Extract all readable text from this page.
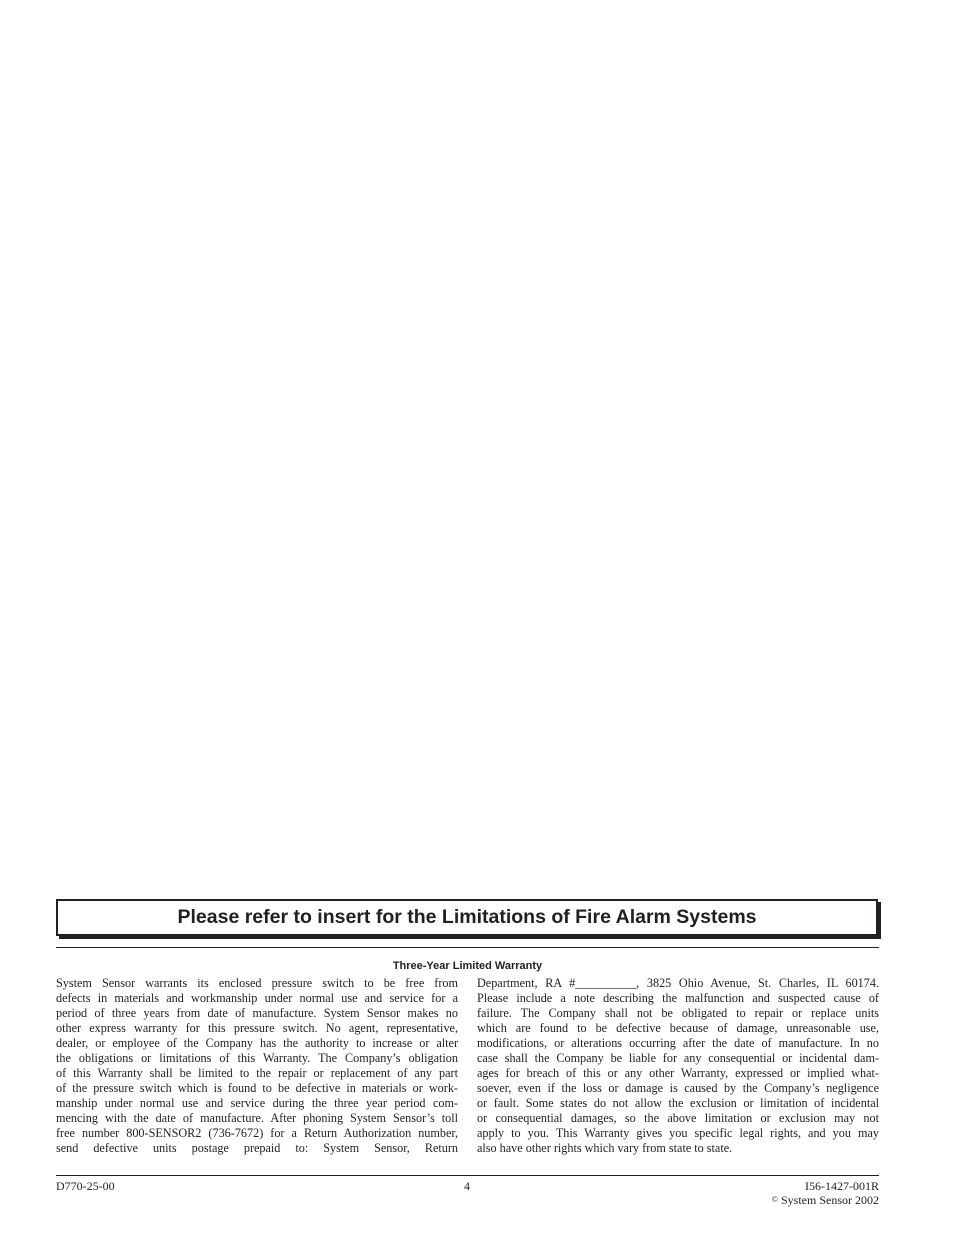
Please refer to insert for the Limitations of Fire Alarm Systems
Three-Year Limited Warranty
System Sensor warrants its enclosed pressure switch to be free from
defects in materials and workmanship under normal use and service for a
period of three years from date of manufacture. System Sensor makes no
other express warranty for this pressure switch. No agent, representative,
dealer, or employee of the Company has the authority to increase or alter
the obligations or limitations of this Warranty. The Company’s obligation
of this Warranty shall be limited to the repair or replacement of any part
of the pressure switch which is found to be defective in materials or work-
manship under normal use and service during the three year period com-
mencing with the date of manufacture. After phoning System Sensor’s toll
free number 800-SENSOR2 (736-7672) for a Return Authorization number,
send defective units postage prepaid to: System Sensor, Return
Department, RA #__________, 3825 Ohio Avenue, St. Charles, IL 60174.
Please include a note describing the malfunction and suspected cause of
failure. The Company shall not be obligated to repair or replace units
which are found to be defective because of damage, unreasonable use,
modifications, or alterations occurring after the date of manufacture. In no
case shall the Company be liable for any consequential or incidental dam-
ages for breach of this or any other Warranty, expressed or implied what-
soever, even if the loss or damage is caused by the Company’s negligence
or fault. Some states do not allow the exclusion or limitation of incidental
or consequential damages, so the above limitation or exclusion may not
apply to you. This Warranty gives you specific legal rights, and you may
also have other rights which vary from state to state.
D770-25-00	4	I56-1427-001R
© System Sensor 2002
